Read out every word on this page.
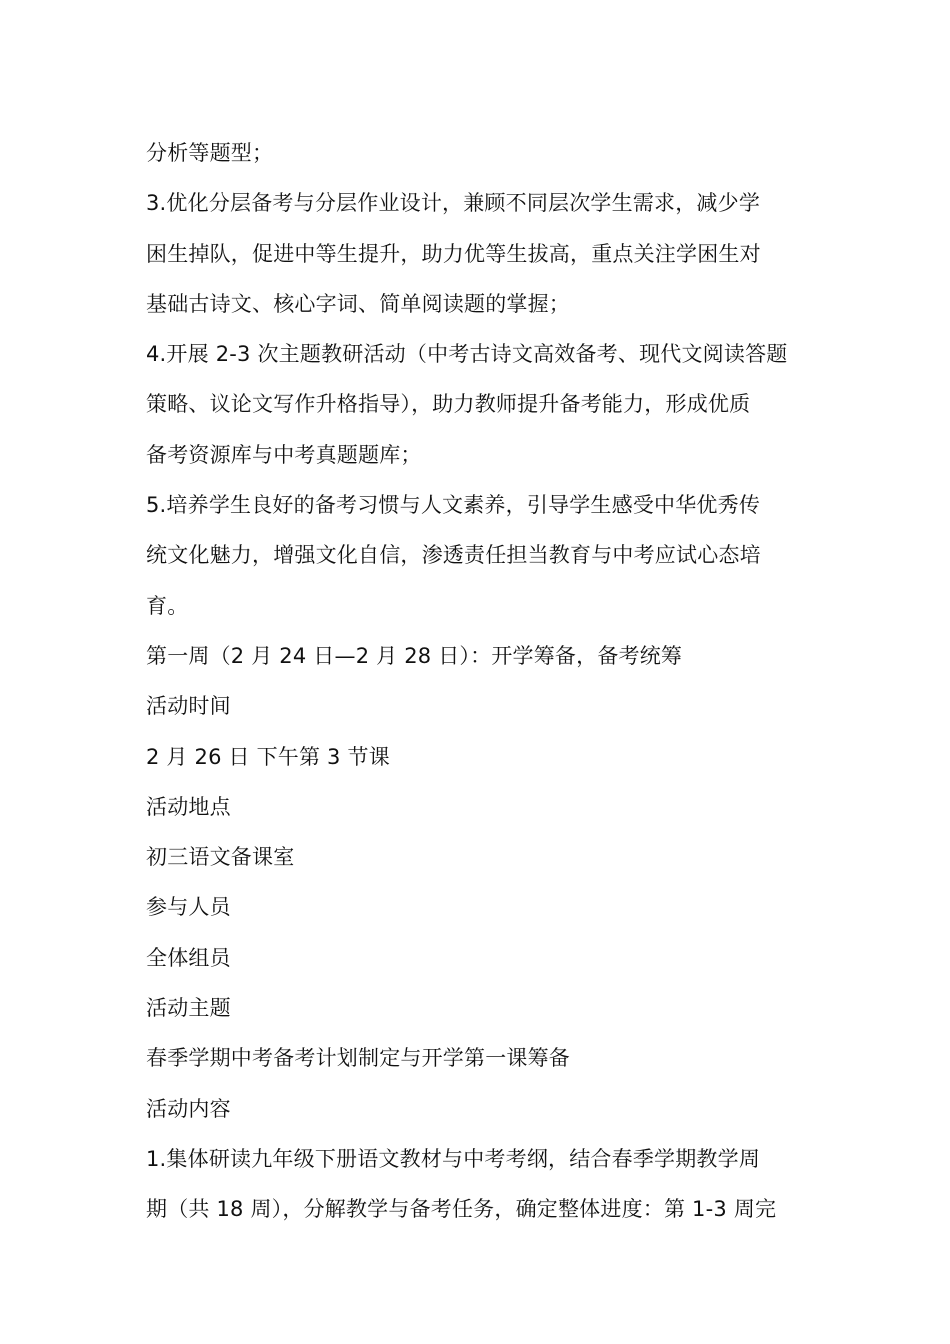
分析等题型；
3.优化分层备考与分层作业设计，兼顾不同层次学生需求，减少学
困生掉队，促进中等生提升，助力优等生拔高，重点关注学困生对
基础古诗文、核心字词、简单阅读题的掌握；
4.开展 2-3 次主题教研活动（中考古诗文高效备考、现代文阅读答题
策略、议论文写作升格指导），助力教师提升备考能力，形成优质
备考资源库与中考真题题库；
5.培养学生良好的备考习惯与人文素养，引导学生感受中华优秀传
统文化魅力，增强文化自信，渗透责任担当教育与中考应试心态培
育。
第一周（2 月 24 日—2 月 28 日）：开学筹备，备考统筹
活动时间
2 月 26 日 下午第 3 节课
活动地点
初三语文备课室
参与人员
全体组员
活动主题
春季学期中考备考计划制定与开学第一课筹备
活动内容
1.集体研读九年级下册语文教材与中考考纲，结合春季学期教学周
期（共 18 周），分解教学与备考任务，确定整体进度：第 1-3 周完
